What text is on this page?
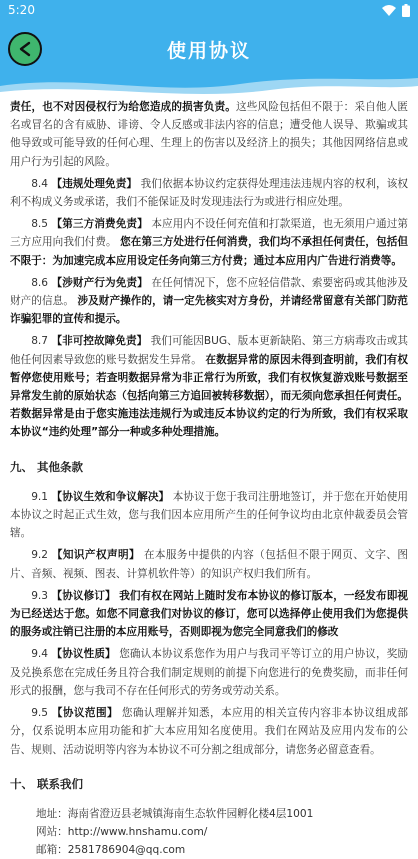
5:20
使用协议

责任，也不对因侵权行为给您造成的损害负责。这些风险包括但不限于：采自他人匿名或冒名的含有威胁、诽谤、令人反感或非法内容的信息；遭受他人误导、欺骗或其他导致或可能导致的任何心理、生理上的伤害以及经济上的损失；其他因网络信息或用户行为引起的风险。

8.4 【违规处理免责】 我们依据本协议约定获得处理违法违规内容的权利，该权利不构成义务或承诺，我们不能保证及时发现违法行为或进行相应处理。

8.5 【第三方消费免责】 本应用内不设任何充值和打款渠道，也无须用户通过第三方应用向我们付费。 您在第三方处进行任何消费，我们均不承担任何责任，包括但不限于：为加速完成本应用设定任务向第三方付费；通过本应用内广告进行消费等。

8.6 【涉财产行为免责】 在任何情况下，您不应轻信借款、索要密码或其他涉及财产的信息。 涉及财产操作的，请一定先核实对方身份，并请经常留意有关部门防范诈骗犯罪的宣传和提示。

8.7 【非可控故障免责】 我们可能因BUG、版本更新缺陷、第三方病毒攻击或其他任何因素导致您的账号数据发生异常。 在数据异常的原因未得到查明前，我们有权暂停您使用账号；若查明数据异常为非正常行为所致，我们有权恢复游戏账号数据至异常发生前的原始状态（包括向第三方追回被转移数据），而无须向您承担任何责任。若数据异常是由于您实施违法违规行为或违反本协议约定的行为所致，我们有权采取本协议“违约处理”部分一种或多种处理措施。

九、 其他条款

9.1 【协议生效和争议解决】 本协议于您于我司注册地签订，并于您在开始使用本协议之时起正式生效，您与我们因本应用所产生的任何争议均由北京仲裁委员会管辖。

9.2 【知识产权声明】 在本服务中提供的内容（包括但不限于网页、文字、图片、音频、视频、图表、计算机软件等）的知识产权归我们所有。

9.3 【协议修订】 我们有权在网站上随时发布本协议的修订版本，一经发布即视为已经送达于您。如您不同意我们对协议的修订，您可以选择停止使用我们为您提供的服务或注销已注册的本应用账号，否则即视为您完全同意我们的修改

9.4 【协议性质】 您确认本协议系您作为用户与我司平等订立的用户协议，奖励及兑换系您在完成任务且符合我们制定规则的前提下向您进行的免费奖励，而非任何形式的报酬，您与我司不存在任何形式的劳务或劳动关系。

9.5 【协议范围】 您确认理解并知悉，本应用的相关宣传内容非本协议组成部分，仅系说明本应用功能和扩大本应用知名度使用。我们在网站及应用内发布的公告、规则、活动说明等内容为本协议不可分割之组成部分，请您务必留意查看。

十、 联系我们
地址：海南省澄迈县老城镇海南生态软件园孵化楼4层1001
网站：http://www.hnshamu.com/
邮箱：2581786904@qq.com
